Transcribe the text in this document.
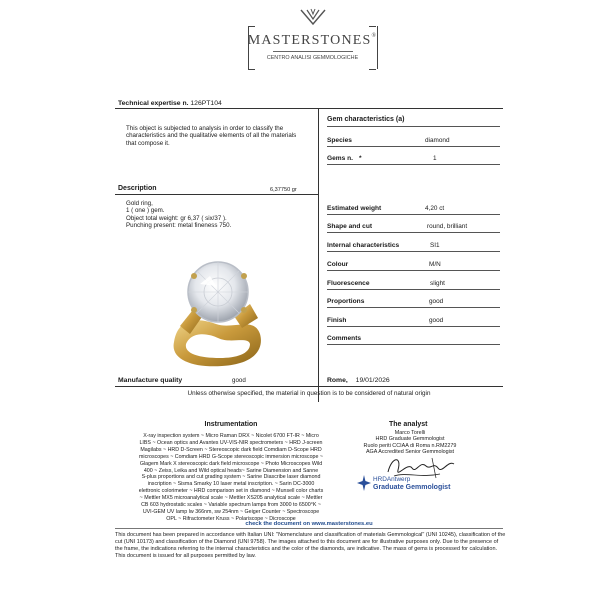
MASTERSTONES®
CENTRO ANALISI GEMMOLOGICHE
Technical expertise n. 126PT104
This object is subjected to analysis in order to classify the characteristics and the qualitative elements of all the materials that compose it.
Description	6,37750 gr
Gold ring,
1 ( one ) gem.
Object total weight: gr 6,37 ( six/37 ).
Punching present: metal fineness 750.
Manufacture quality	good
Gem characteristics (a)
Species	diamond
Gems n. *	1
Estimated weight	4,20 ct
Shape and cut	round, brilliant
Internal characteristics	SI1
Colour	M/N
Fluorescence	slight
Proportions	good
Finish	good
Comments
Rome, 19/01/2026
Unless otherwise specified, the material in question is to be considered of natural origin
Instrumentation
X-ray inspection system ~ Micro Raman DRX ~ Nicolet 6700 FT-IR ~ Micro
LIBS ~ Ocean optics and Avantes UV-VIS-NIR spectrometers ~ HRD J-screen
Magilabs ~ HRD D-Screen ~ Stereoscopic dark field Comdiam D-Scope HRD
microscopes ~ Comdiam HRD G-Scope stereoscopic immersion microscope ~
Glagem Mark X stereoscopic dark field microscope ~ Photo Microscopes Wild
400 ~ Zeiss, Leika and Wild optical heads~ Sarine Diamension and Sanne
S-plus proportions and cut grading system ~ Sarine Diascribe laser diamond
inscription ~ Sisma Smarky 10 laser metal inscription. ~ Sarin DC-3000
elettronic colorimeter ~ HRD comparison set in diamond ~ Munsell color charts
~ Mettler MX5 microanalytical scale ~ Mettler XS205 analytical scale ~ Mettler
CB 603 hydrostatic scales ~ Variable spectrum lamps from 3000 to 6500°K ~
UVI-GEM UV lamp lw 366nm, sw 254nm ~ Geiger Counter ~ Spectroscope
OPL ~ Rifractometer Kruss ~ Polariscope ~ Dicroscope
The analyst
Marco Torelli
HRD Graduate Gemmologist
Ruolo periti CCIAA di Roma n.RM2279
AGA Accredited Senior Gemmologist
HRDAntwerp
Graduate Gemmologist
check the document on www.masterstones.eu
This document has been prepared in accordance with Italian UNI: "Nomenclature and classification of materials Gemmological" (UNI 10245), classification of the cut (UNI 10173) and classification of the Diamond (UNI 9758). The images attached to this document are for illustrative purposes only. Due to the presence of the frame, the indications referring to the internal characteristics and the color of the diamonds, are indicative. The mass of gems is processed for calculation. This document is issued for all purposes permitted by law.
